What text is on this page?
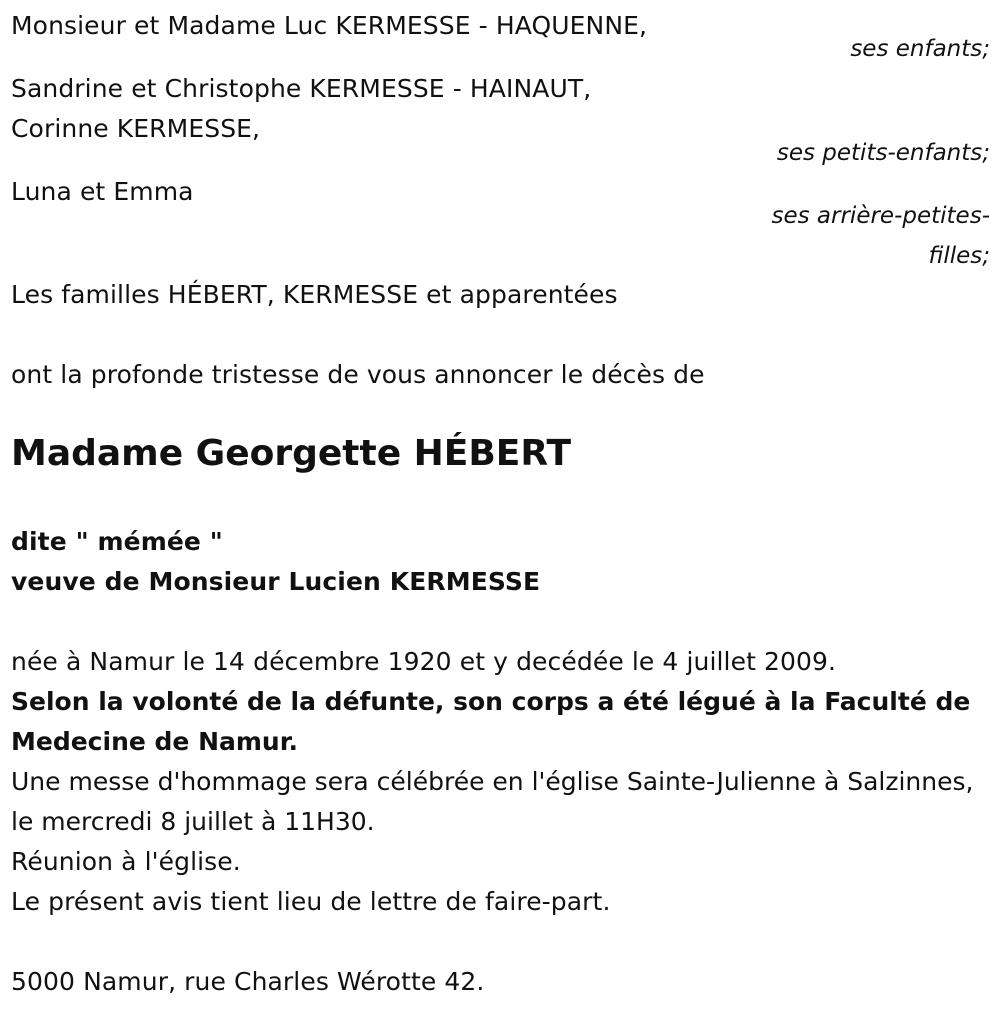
Monsieur et Madame Luc KERMESSE - HAQUENNE,
ses enfants;
Sandrine et Christophe KERMESSE - HAINAUT,
Corinne KERMESSE,
ses petits-enfants;
Luna et Emma
ses arrière-petites-
filles;
Les familles HÉBERT, KERMESSE et apparentées
ont la profonde tristesse de vous annoncer le décès de
Madame Georgette HÉBERT
dite " mémée "
veuve de Monsieur Lucien KERMESSE
née à Namur le 14 décembre 1920 et y decédée le 4 juillet 2009.
Selon la volonté de la défunte, son corps a été légué à la Faculté de Medecine de Namur.
Une messe d'hommage sera célébrée en l'église Sainte-Julienne à Salzinnes, le mercredi 8 juillet à 11H30.
Réunion à l'église.
Le présent avis tient lieu de lettre de faire-part.
5000 Namur, rue Charles Wérotte 42.
